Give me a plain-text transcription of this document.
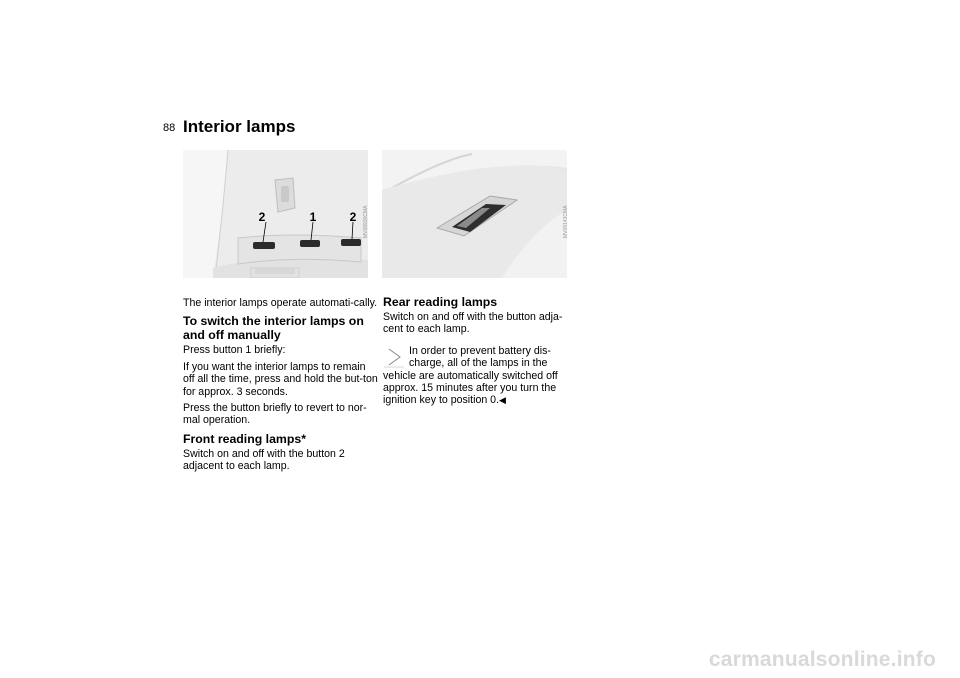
88 Interior lamps
2	1	2 MV09930CMA	MV09143CMA

The interior lamps operate automati-cally.

To switch the interior lamps on and off manually

Press button 1 briefly:

If you want the interior lamps to remain off all the time, press and hold the but-ton for approx. 3 seconds.

Press the button briefly to revert to nor-mal operation.

Front reading lamps*

Switch on and off with the button 2 adjacent to each lamp.

Rear reading lamps

Switch on and off with the button adja-cent to each lamp.

In order to prevent battery dis-charge, all of the lamps in the
vehicle are automatically switched off approx. 15 minutes after you turn the ignition key to position 0.◀
carmanualsonline.info
